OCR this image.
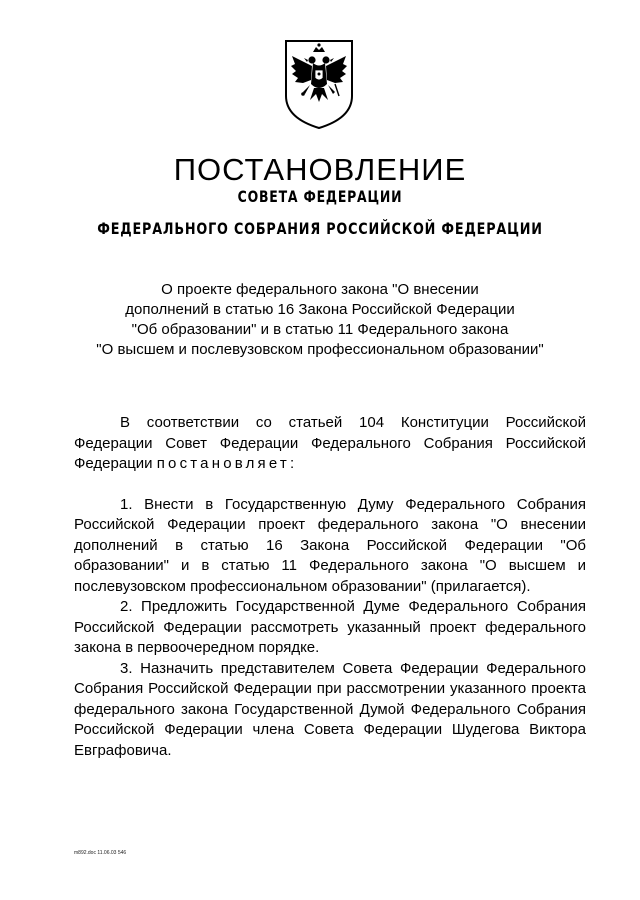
ПОСТАНОВЛЕНИЕ
СОВЕТА ФЕДЕРАЦИИ
ФЕДЕРАЛЬНОГО СОБРАНИЯ РОССИЙСКОЙ ФЕДЕРАЦИИ
О проекте федерального закона "О внесении
дополнений в статью 16 Закона Российской Федерации
"Об образовании" и в статью 11 Федерального закона
"О высшем и послевузовском профессиональном образовании"

В соответствии со статьей 104 Конституции Российской Федерации Совет Федерации Федерального Собрания Российской Федерации постановляет:

1. Внести в Государственную Думу Федерального Собрания Российской Федерации проект федерального закона "О внесении дополнений в статью 16 Закона Российской Федерации "Об образовании" и в статью 11 Федерального закона "О высшем и послевузовском профессиональном образовании" (прилагается).

2. Предложить Государственной Думе Федерального Собрания Российской Федерации рассмотреть указанный проект федерального закона в первоочередном порядке.

3. Назначить представителем Совета Федерации Федерального Собрания Российской Федерации при рассмотрении указанного проекта федерального закона Государственной Думой Федерального Собрания Российской Федерации члена Совета Федерации Шудегова Виктора Евграфовича.

m892.doc 11.06.03 546
